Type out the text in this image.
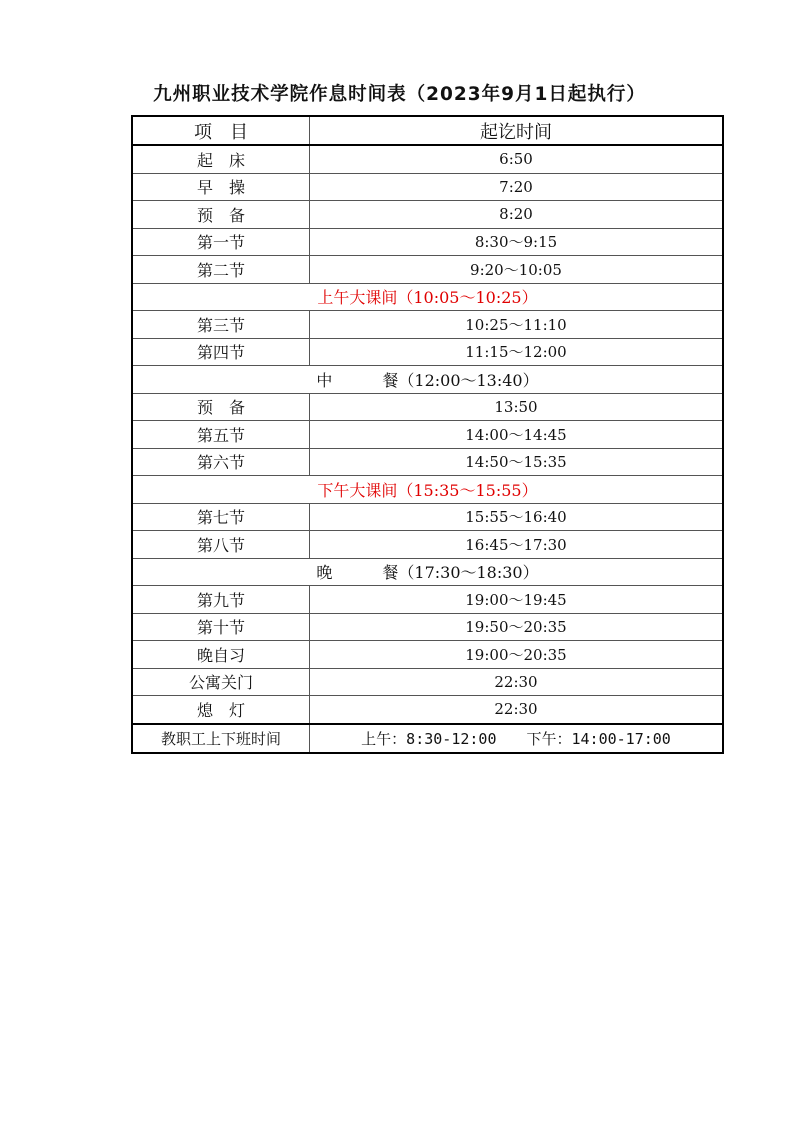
九州职业技术学院作息时间表（2023年9月1日起执行）
项　目	起讫时间
起　床	6:50
早　操	7:20
预　备	8:20
第一节	8:30～9:15
第二节	9:20～10:05
上午大课间（10:05～10:25）	
第三节	10:25～11:10
第四节	11:15～12:00
中 餐（12:00～13:40）	
预　备	13:50
第五节	14:00～14:45
第六节	14:50～15:35
下午大课间（15:35～15:55）	
第七节	15:55～16:40
第八节	16:45～17:30
晚 餐（17:30～18:30）	
第九节	19:00～19:45
第十节	19:50～20:35
晚自习	19:00～20:35
公寓关门	22:30
熄　灯	22:30
教职工上下班时间	上午：8:30-12:00 下午：14:00-17:00
